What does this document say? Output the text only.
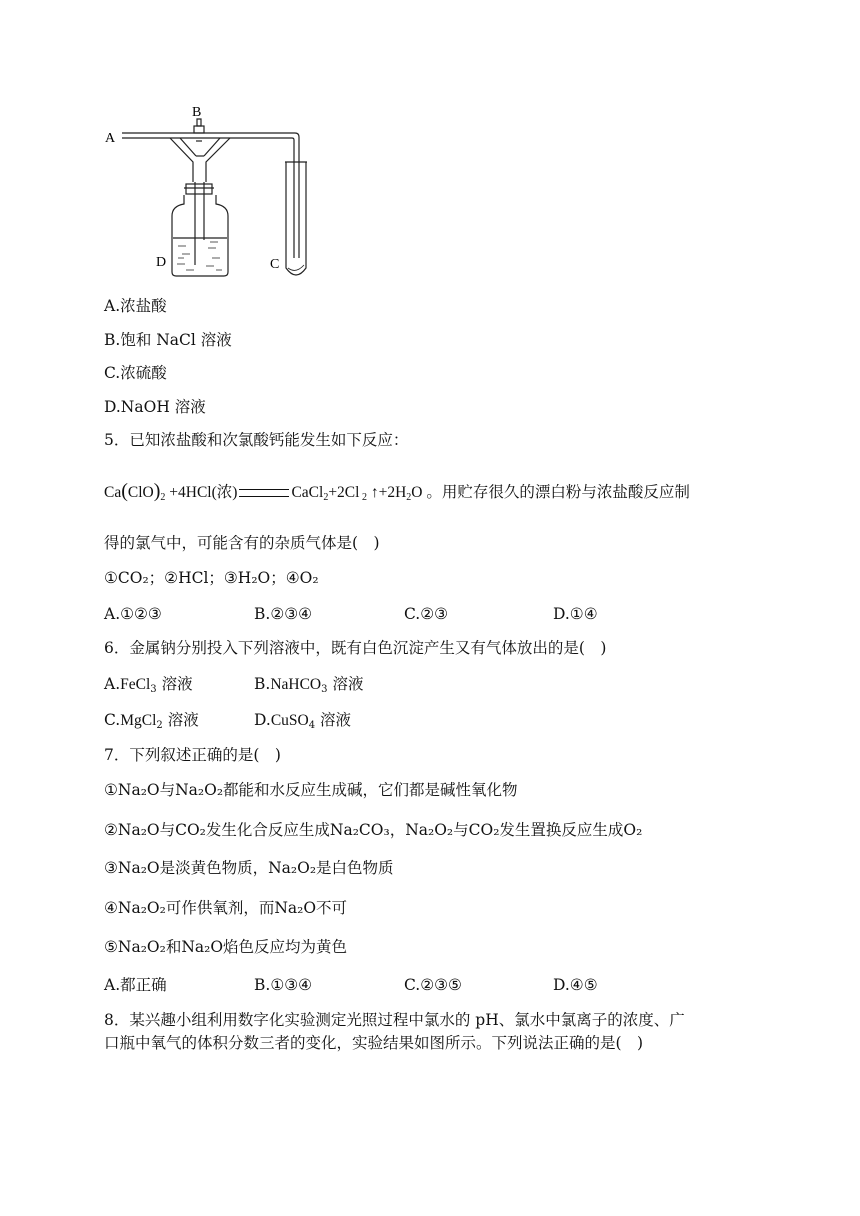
A
B
C
D
A.浓盐酸
B.饱和 NaCl 溶液
C.浓硫酸
D.NaOH 溶液
5．已知浓盐酸和次氯酸钙能发生如下反应：
$Ca(ClO)_2 +4HCl$(浓)	CaCl$_2$+2Cl $_2$ $↑+2H_2O$ 。用贮存很久的漂白粉与浓盐酸反应制
得的氯气中，可能含有的杂质气体是(　)
①CO₂；②HCl；③H₂O；④O₂
A.①②③	B.②③④	C.②③	D.①④
6．金属钠分别投入下列溶液中，既有白色沉淀产生又有气体放出的是(　)
A.FeCl$_3$ 溶液	B.NaHCO$_3$ 溶液
C.MgCl$_2$ 溶液	D.CuSO$_4$ 溶液
7．下列叙述正确的是(　)
①Na₂O与Na₂O₂都能和水反应生成碱，它们都是碱性氧化物
②Na₂O与CO₂发生化合反应生成Na₂CO₃，Na₂O₂与CO₂发生置换反应生成O₂
③Na₂O是淡黄色物质，Na₂O₂是白色物质
④Na₂O₂可作供氧剂，而Na₂O不可
⑤Na₂O₂和Na₂O焰色反应均为黄色
A.都正确	B.①③④	C.②③⑤	D.④⑤
8．某兴趣小组利用数字化实验测定光照过程中氯水的 pH、氯水中氯离子的浓度、广
口瓶中氧气的体积分数三者的变化，实验结果如图所示。下列说法正确的是(　)
